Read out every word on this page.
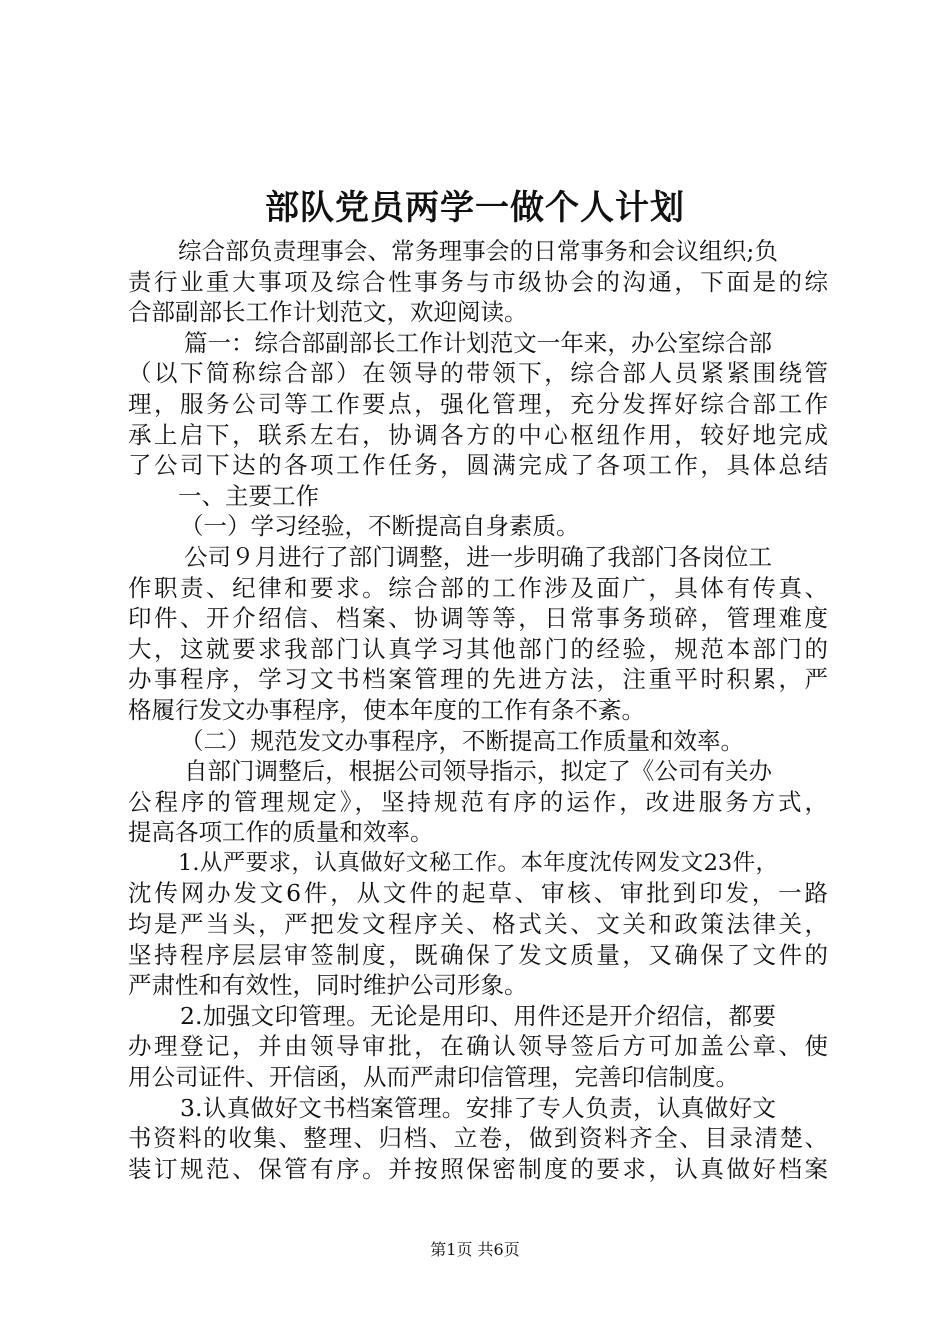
部队党员两学一做个人计划
综合部负责理事会、常务理事会的日常事务和会议组织;负
责行业重大事项及综合性事务与市级协会的沟通，下面是的综
合部副部长工作计划范文，欢迎阅读。
篇一：综合部副部长工作计划范文一年来，办公室综合部
（以下简称综合部）在领导的带领下，综合部人员紧紧围绕管
理，服务公司等工作要点，强化管理，充分发挥好综合部工作
承上启下，联系左右，协调各方的中心枢纽作用，较好地完成
了公司下达的各项工作任务，圆满完成了各项工作，具体总结
一、主要工作
（一）学习经验，不断提高自身素质。
公司９月进行了部门调整，进一步明确了我部门各岗位工
作职责、纪律和要求。综合部的工作涉及面广，具体有传真、
印件、开介绍信、档案、协调等等，日常事务琐碎，管理难度
大，这就要求我部门认真学习其他部门的经验，规范本部门的
办事程序，学习文书档案管理的先进方法，注重平时积累，严
格履行发文办事程序，使本年度的工作有条不紊。
（二）规范发文办事程序，不断提高工作质量和效率。
自部门调整后，根据公司领导指示，拟定了《公司有关办
公程序的管理规定》，坚持规范有序的运作，改进服务方式，
提高各项工作的质量和效率。
1.从严要求，认真做好文秘工作。本年度沈传网发文23件，
沈传网办发文6件，从文件的起草、审核、审批到印发，一路
均是严当头，严把发文程序关、格式关、文关和政策法律关，
坚持程序层层审签制度，既确保了发文质量，又确保了文件的
严肃性和有效性，同时维护公司形象。
2.加强文印管理。无论是用印、用件还是开介绍信，都要
办理登记，并由领导审批，在确认领导签后方可加盖公章、使
用公司证件、开信函，从而严肃印信管理，完善印信制度。
3.认真做好文书档案管理。安排了专人负责，认真做好文
书资料的收集、整理、归档、立卷，做到资料齐全、目录清楚、
装订规范、保管有序。并按照保密制度的要求，认真做好档案
第1页 共6页
